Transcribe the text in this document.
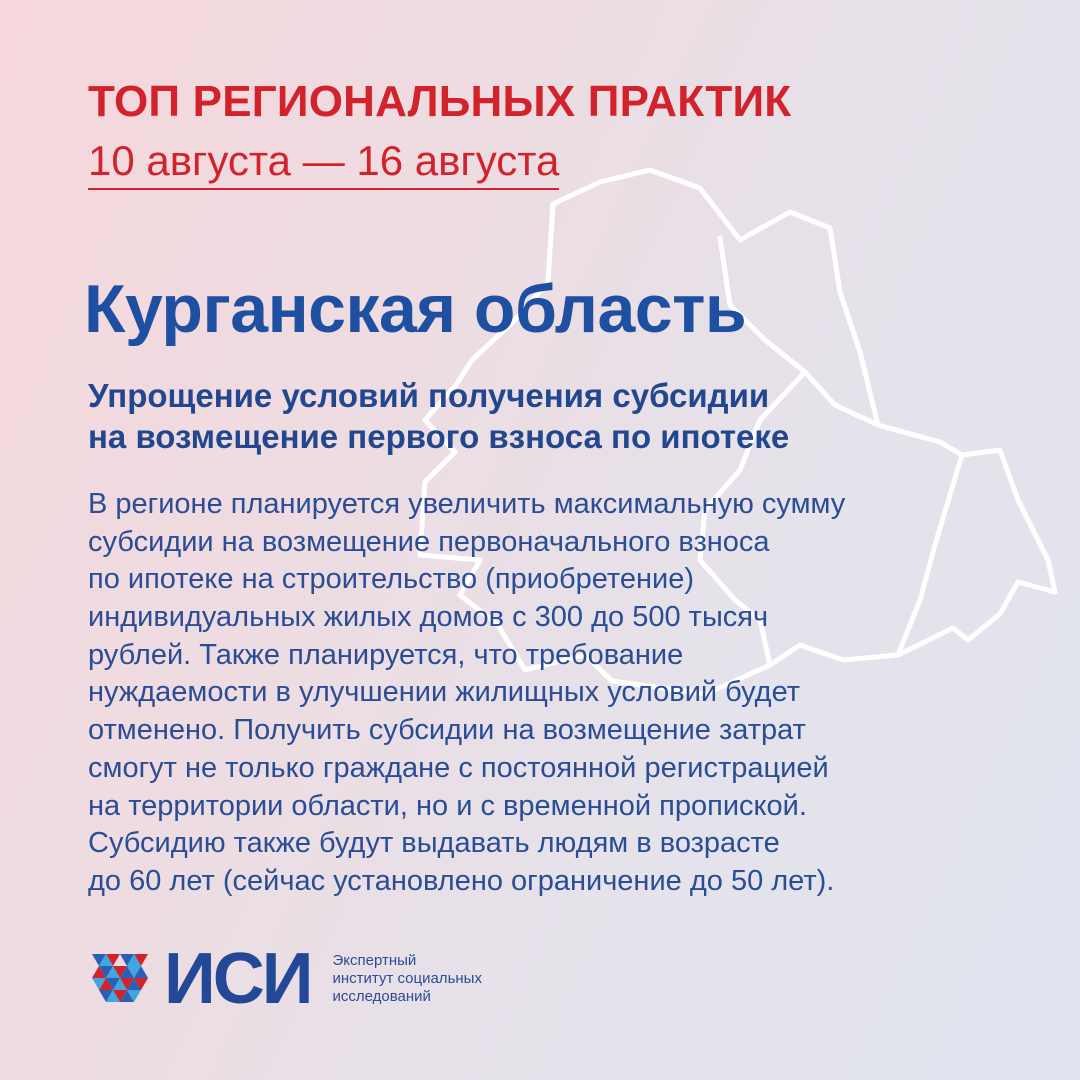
ТОП РЕГИОНАЛЬНЫХ ПРАКТИК
10 августа — 16 августа
Курганская область
Упрощение условий получения субсидии
на возмещение первого взноса по ипотеке

В регионе планируется увеличить максимальную сумму
субсидии на возмещение первоначального взноса
по ипотеке на строительство (приобретение)
индивидуальных жилых домов с 300 до 500 тысяч
рублей. Также планируется, что требование
нуждаемости в улучшении жилищных условий будет
отменено. Получить субсидии на возмещение затрат
смогут не только граждане с постоянной регистрацией
на территории области, но и с временной пропиской.
Субсидию также будут выдавать людям в возрасте
до 60 лет (сейчас установлено ограничение до 50 лет).

ИСИ Экспертный
институт социальных
исследований
